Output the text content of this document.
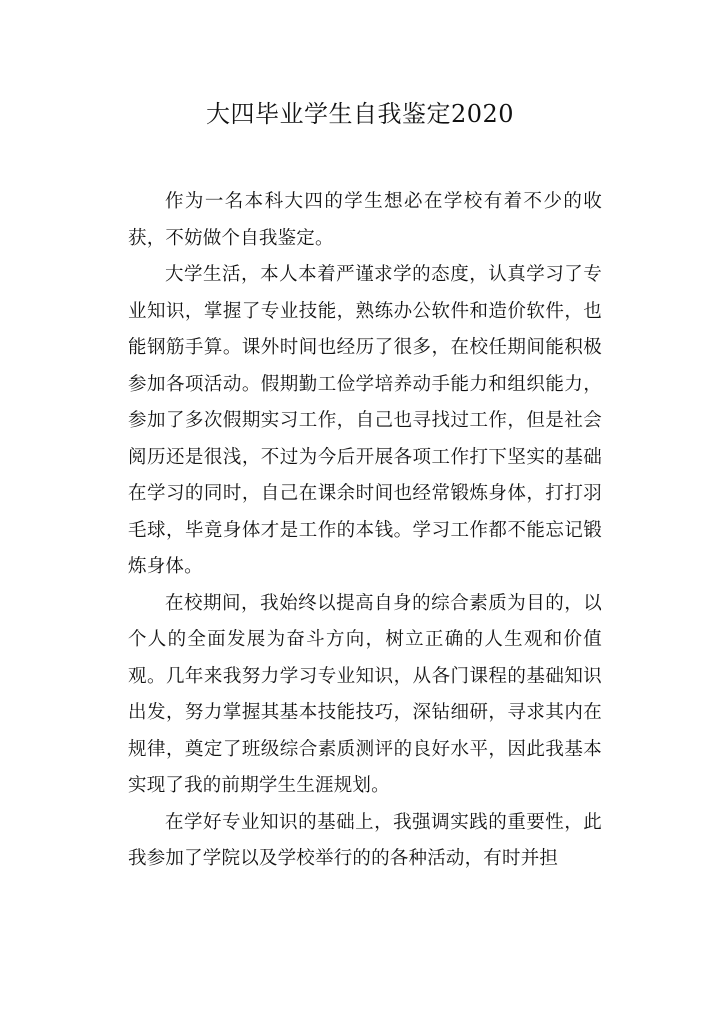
大四毕业学生自我鉴定2020

作为一名本科大四的学生想必在学校有着不少的收获，不妨做个自我鉴定。

大学生活，本人本着严谨求学的态度，认真学习了专业知识，掌握了专业技能，熟练办公软件和造价软件，也能钢筋手算。课外时间也经历了很多，在校任期间能积极参加各项活动。假期勤工俭学培养动手能力和组织能力，参加了多次假期实习工作，自己也寻找过工作，但是社会阅历还是很浅，不过为今后开展各项工作打下坚实的基础在学习的同时，自己在课余时间也经常锻炼身体，打打羽毛球，毕竟身体才是工作的本钱。学习工作都不能忘记锻炼身体。

在校期间，我始终以提高自身的综合素质为目的，以个人的全面发展为奋斗方向，树立正确的人生观和价值观。几年来我努力学习专业知识，从各门课程的基础知识出发，努力掌握其基本技能技巧，深钻细研，寻求其内在规律，奠定了班级综合素质测评的良好水平，因此我基本实现了我的前期学生生涯规划。

在学好专业知识的基础上，我强调实践的重要性，此我参加了学院以及学校举行的的各种活动，有时并担
